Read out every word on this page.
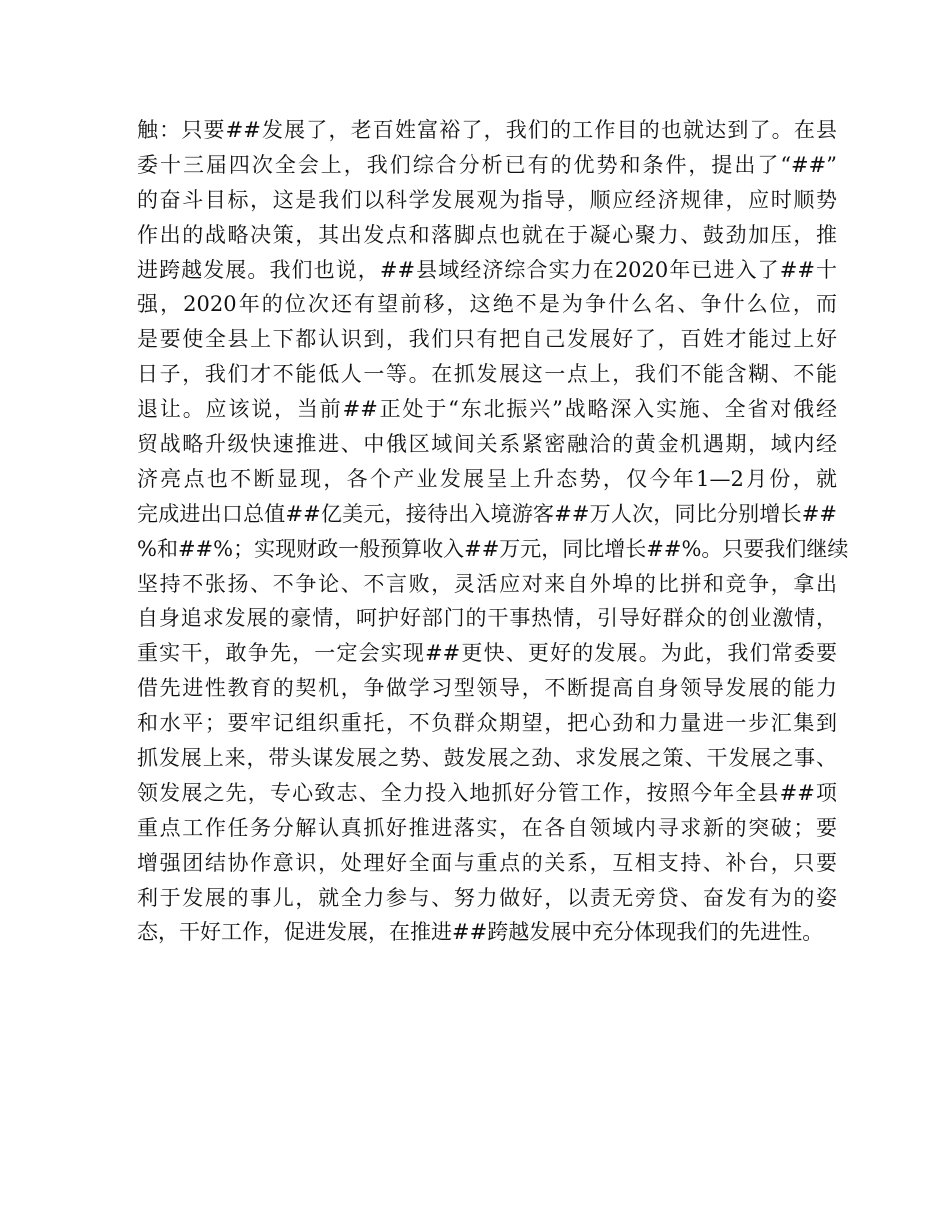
触：只要##发展了，老百姓富裕了，我们的工作目的也就达到了。在县
委十三届四次全会上，我们综合分析已有的优势和条件，提出了“##”
的奋斗目标，这是我们以科学发展观为指导，顺应经济规律，应时顺势
作出的战略决策，其出发点和落脚点也就在于凝心聚力、鼓劲加压，推
进跨越发展。我们也说，##县域经济综合实力在2020年已进入了##十
强，2020年的位次还有望前移，这绝不是为争什么名、争什么位，而
是要使全县上下都认识到，我们只有把自己发展好了，百姓才能过上好
日子，我们才不能低人一等。在抓发展这一点上，我们不能含糊、不能
退让。应该说，当前##正处于“东北振兴”战略深入实施、全省对俄经
贸战略升级快速推进、中俄区域间关系紧密融洽的黄金机遇期，域内经
济亮点也不断显现，各个产业发展呈上升态势，仅今年1—2月份，就
完成进出口总值##亿美元，接待出入境游客##万人次，同比分别增长##
%和##%；实现财政一般预算收入##万元，同比增长##%。只要我们继续
坚持不张扬、不争论、不言败，灵活应对来自外埠的比拼和竞争，拿出
自身追求发展的豪情，呵护好部门的干事热情，引导好群众的创业激情，
重实干，敢争先，一定会实现##更快、更好的发展。为此，我们常委要
借先进性教育的契机，争做学习型领导，不断提高自身领导发展的能力
和水平；要牢记组织重托，不负群众期望，把心劲和力量进一步汇集到
抓发展上来，带头谋发展之势、鼓发展之劲、求发展之策、干发展之事、
领发展之先，专心致志、全力投入地抓好分管工作，按照今年全县##项
重点工作任务分解认真抓好推进落实，在各自领域内寻求新的突破；要
增强团结协作意识，处理好全面与重点的关系，互相支持、补台，只要
利于发展的事儿，就全力参与、努力做好，以责无旁贷、奋发有为的姿
态，干好工作，促进发展，在推进##跨越发展中充分体现我们的先进性。
